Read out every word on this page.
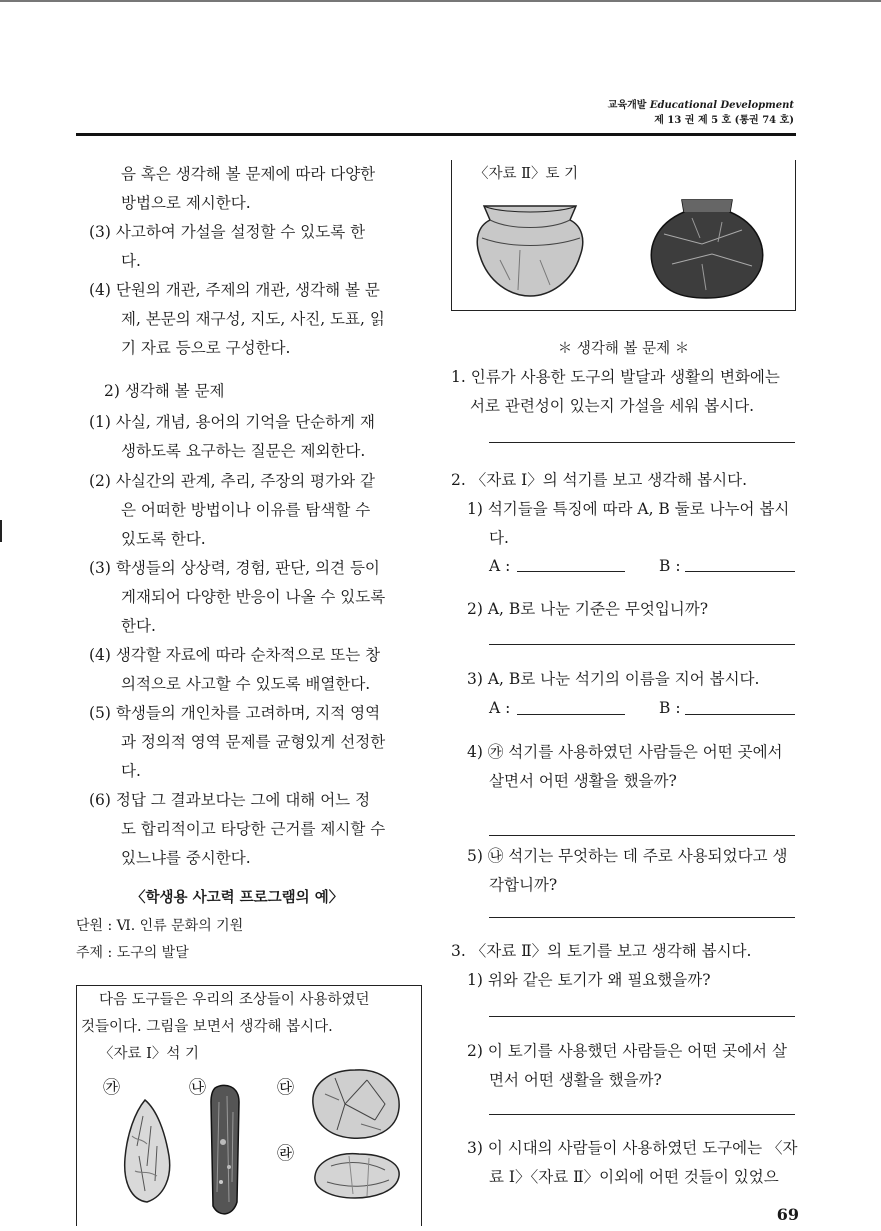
교육개발 Educational Development
제 13 권 제 5 호 (통권 74 호)
음 혹은 생각해 볼 문제에 따라 다양한
방법으로 제시한다.
(3) 사고하여 가설을 설정할 수 있도록 한
다.
(4) 단원의 개관, 주제의 개관, 생각해 볼 문
제, 본문의 재구성, 지도, 사진, 도표, 읽
기 자료 등으로 구성한다.
2) 생각해 볼 문제
(1) 사실, 개념, 용어의 기억을 단순하게 재
생하도록 요구하는 질문은 제외한다.
(2) 사실간의 관계, 추리, 주장의 평가와 같
은 어떠한 방법이나 이유를 탐색할 수
있도록 한다.
(3) 학생들의 상상력, 경험, 판단, 의견 등이
게재되어 다양한 반응이 나올 수 있도록
한다.
(4) 생각할 자료에 따라 순차적으로 또는 창
의적으로 사고할 수 있도록 배열한다.
(5) 학생들의 개인차를 고려하며, 지적 영역
과 정의적 영역 문제를 균형있게 선정한
다.
(6) 정답 그 결과보다는 그에 대해 어느 정
도 합리적이고 타당한 근거를 제시할 수
있느냐를 중시한다.
〈학생용 사고력 프로그램의 예〉
단원 : Ⅵ. 인류 문화의 기원
주제 : 도구의 발달
다음 도구들은 우리의 조상들이 사용하였던
것들이다. 그림을 보면서 생각해 봅시다.
〈자료 Ⅰ〉석 기
㉮	㉯	㉰
㉱
〈자료 Ⅱ〉토 기
＊ 생각해 볼 문제 ＊
1. 인류가 사용한 도구의 발달과 생활의 변화에는
서로 관련성이 있는지 가설을 세워 봅시다.
2. 〈자료 Ⅰ〉의 석기를 보고 생각해 봅시다.
1) 석기들을 특징에 따라 A, B 둘로 나누어 봅시
다.
A :	B :
2) A, B로 나눈 기준은 무엇입니까?
3) A, B로 나눈 석기의 이름을 지어 봅시다.
A :	B :
4) ㉮ 석기를 사용하였던 사람들은 어떤 곳에서
살면서 어떤 생활을 했을까?
5) ㉯ 석기는 무엇하는 데 주로 사용되었다고 생
각합니까?
3. 〈자료 Ⅱ〉의 토기를 보고 생각해 봅시다.
1) 위와 같은 토기가 왜 필요했을까?
2) 이 토기를 사용했던 사람들은 어떤 곳에서 살
면서 어떤 생활을 했을까?
3) 이 시대의 사람들이 사용하였던 도구에는 〈자
료 Ⅰ〉〈자료 Ⅱ〉이외에 어떤 것들이 있었으
69
